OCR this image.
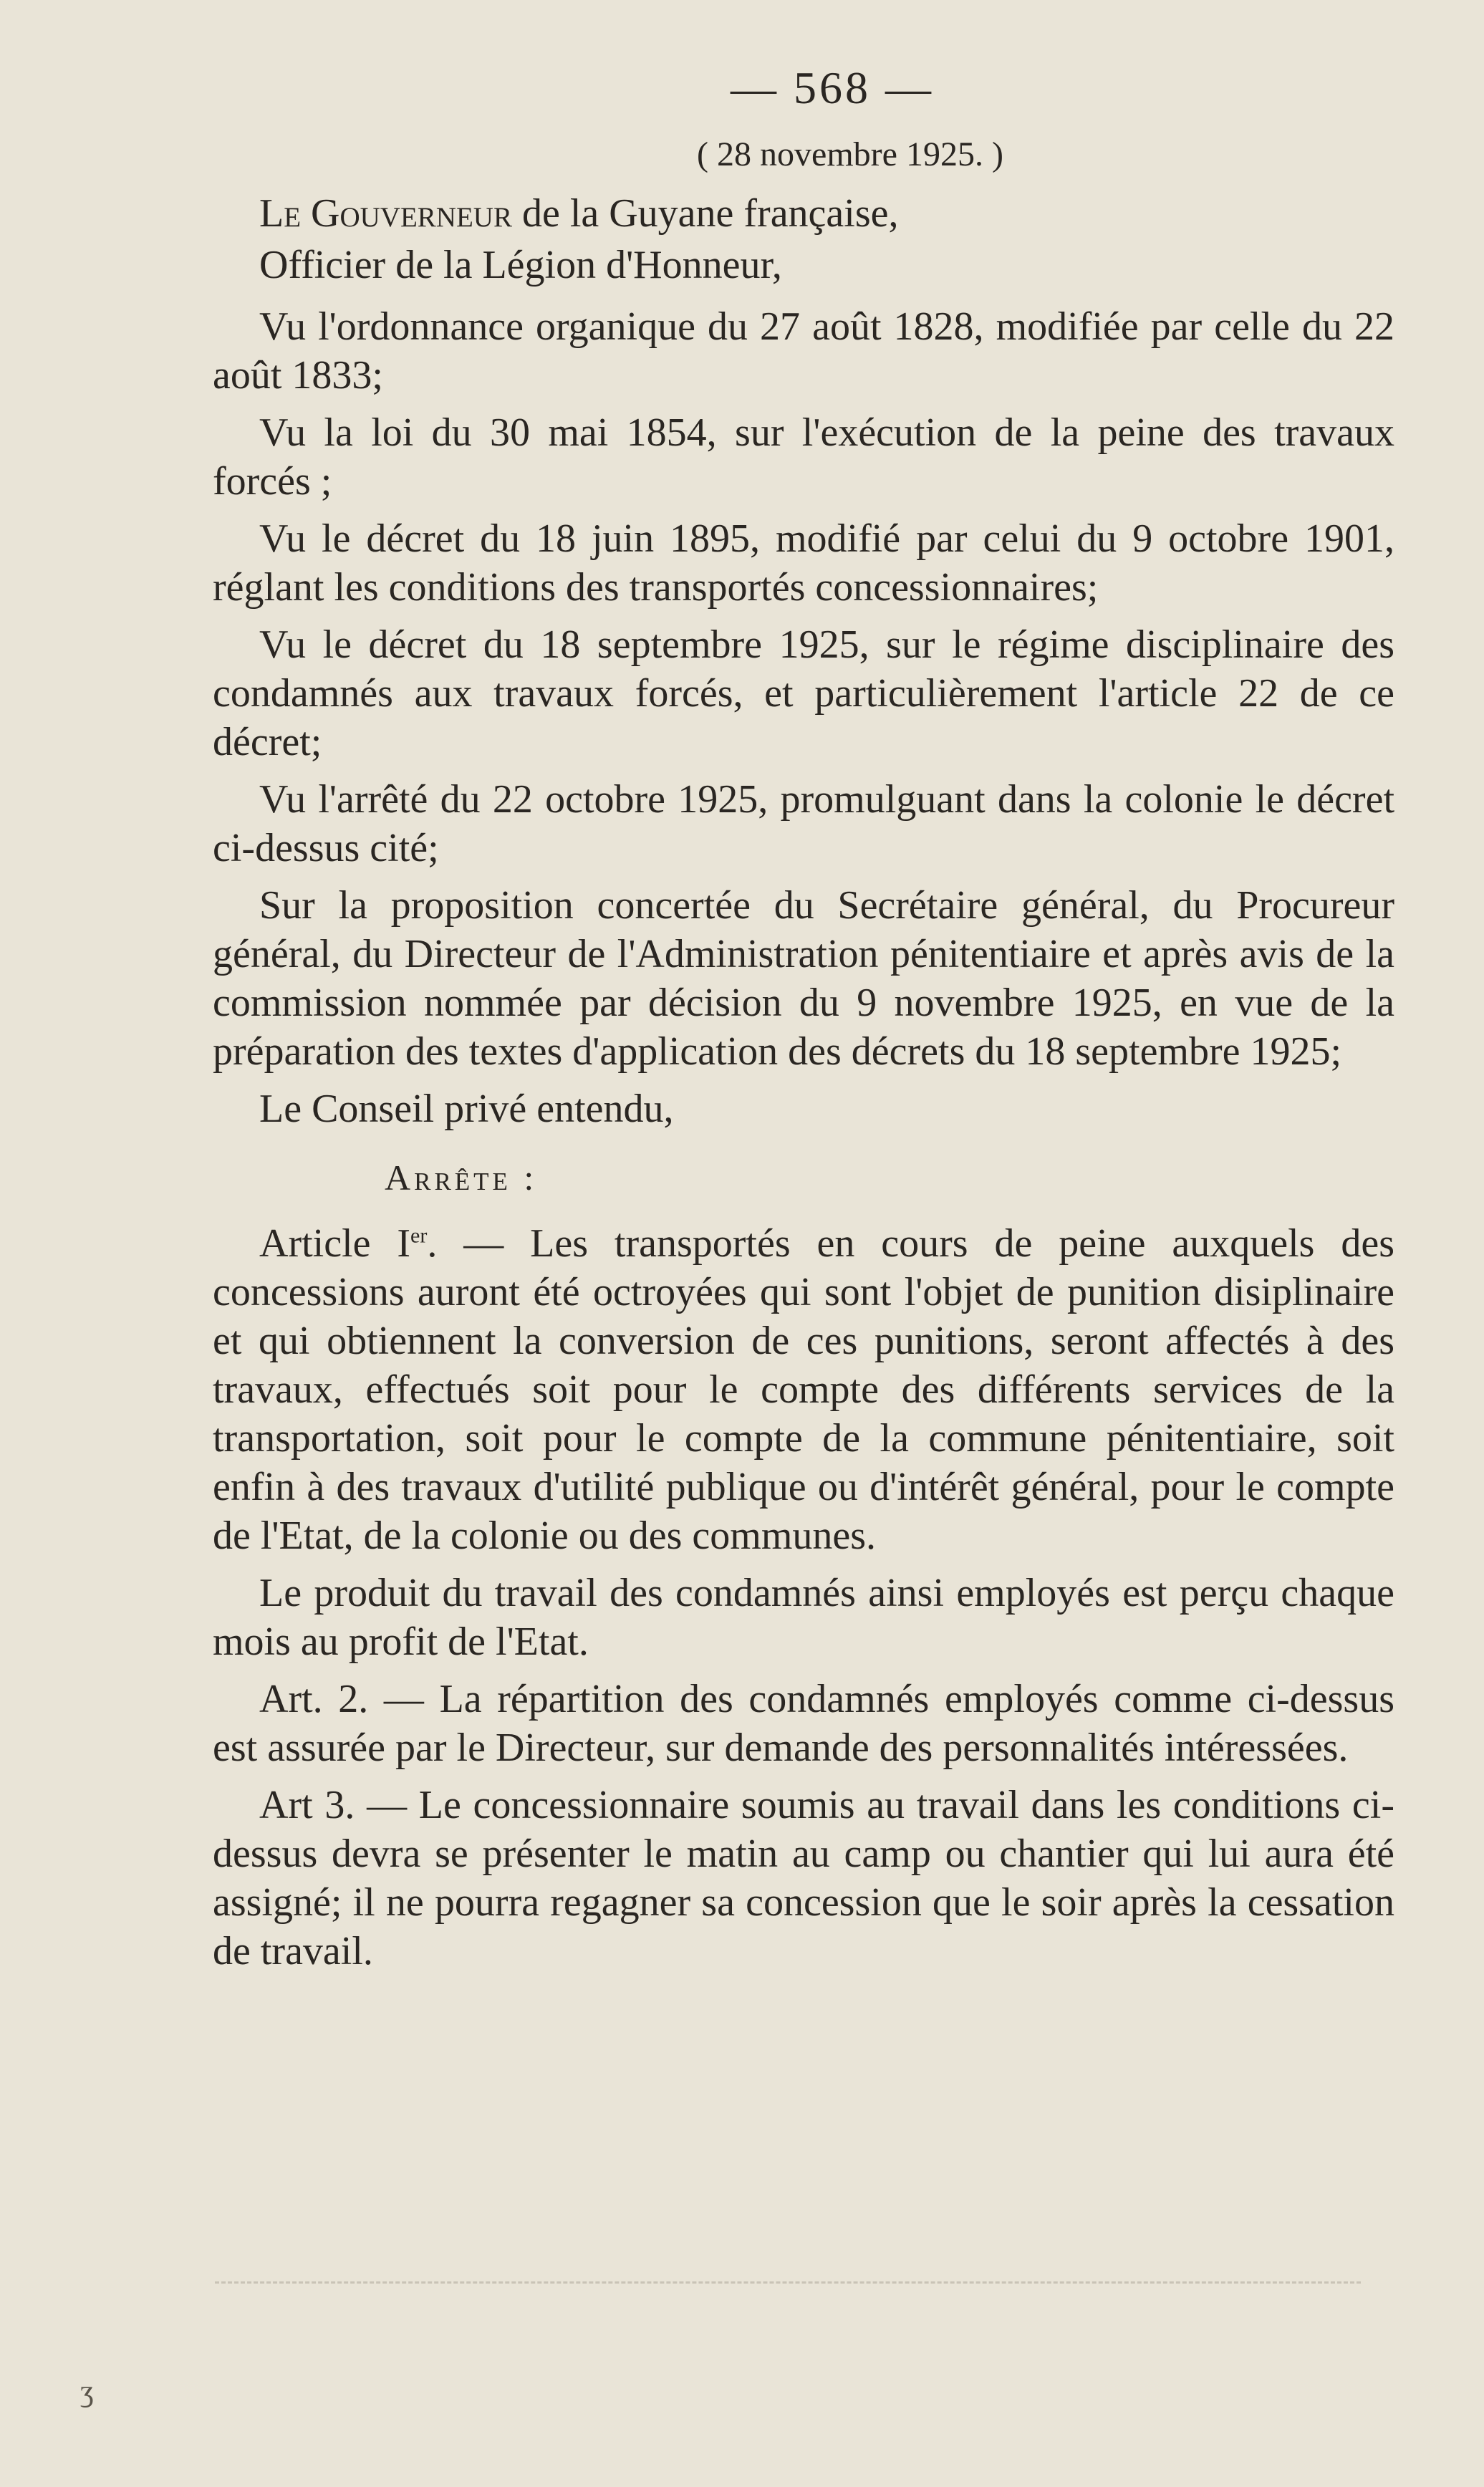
— 568 —
( 28 novembre 1925. )

Le Gouverneur de la Guyane française,

Officier de la Légion d'Honneur,

Vu l'ordonnance organique du 27 août 1828, modifiée par celle du 22 août 1833;

Vu la loi du 30 mai 1854, sur l'exécution de la peine des travaux forcés ;

Vu le décret du 18 juin 1895, modifié par celui du 9 octobre 1901, réglant les conditions des transportés concessionnaires;

Vu le décret du 18 septembre 1925, sur le régime disciplinaire des condamnés aux travaux forcés, et particulièrement l'article 22 de ce décret;

Vu l'arrêté du 22 octobre 1925, promulguant dans la colonie le décret ci-dessus cité;

Sur la proposition concertée du Secrétaire général, du Procureur général, du Directeur de l'Administration pénitentiaire et après avis de la commission nommée par décision du 9 novembre 1925, en vue de la préparation des textes d'application des décrets du 18 septembre 1925;

Le Conseil privé entendu,

Arrête :

Article Ier. — Les transportés en cours de peine auxquels des concessions auront été octroyées qui sont l'objet de punition disiplinaire et qui obtiennent la conversion de ces punitions, seront affectés à des travaux, effectués soit pour le compte des différents services de la transportation, soit pour le compte de la commune pénitentiaire, soit enfin à des travaux d'utilité publique ou d'intérêt général, pour le compte de l'Etat, de la colonie ou des communes.

Le produit du travail des condamnés ainsi employés est perçu chaque mois au profit de l'Etat.

Art. 2. — La répartition des condamnés employés comme ci-dessus est assurée par le Directeur, sur demande des personnalités intéressées.

Art 3. — Le concessionnaire soumis au travail dans les conditions ci-dessus devra se présenter le matin au camp ou chantier qui lui aura été assigné; il ne pourra regagner sa concession que le soir après la cessation de travail.

ʒ
